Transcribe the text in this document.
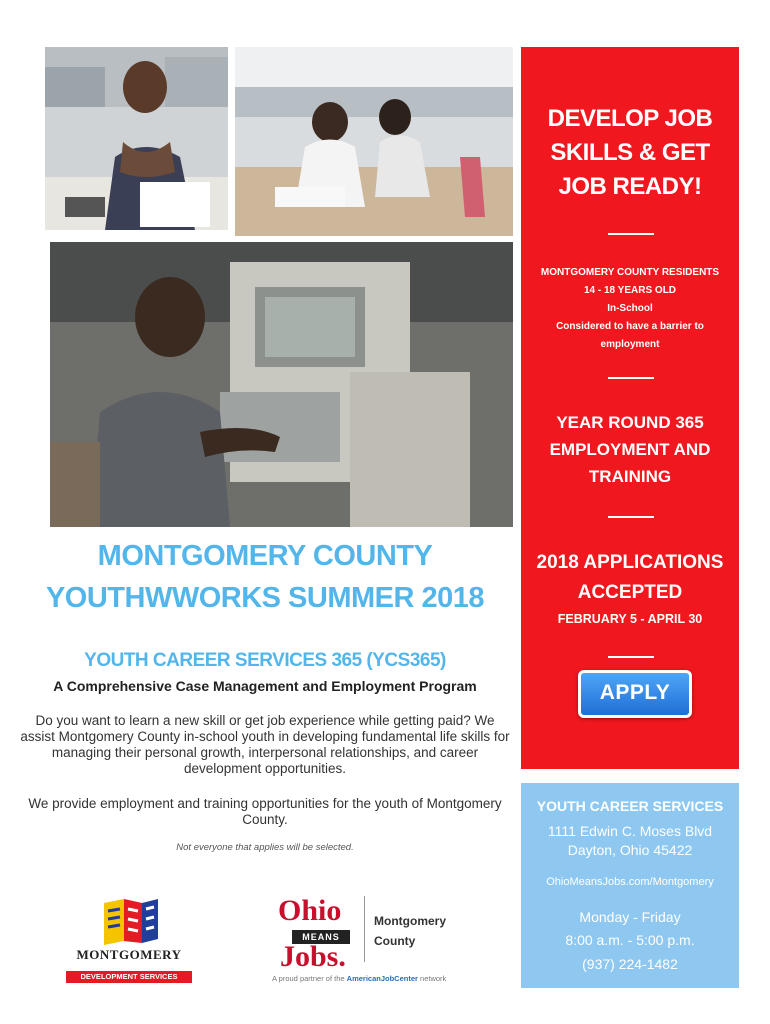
MONTGOMERY COUNTY
YOUTHWWORKS SUMMER 2018
YOUTH CAREER SERVICES 365 (YCS365)
A Comprehensive Case Management and Employment Program
Do you want to learn a new skill or get job experience while getting paid? We assist Montgomery County in-school youth in developing fundamental life skills for managing their personal growth, interpersonal relationships, and career development opportunities.
We provide employment and training opportunities for the youth of Montgomery County.
Not everyone that applies will be selected.
DEVELOP JOB
SKILLS & GET
JOB READY!
MONTGOMERY COUNTY RESIDENTS
14 - 18 YEARS OLD
In-School
Considered to have a barrier to
employment
YEAR ROUND 365
EMPLOYMENT AND
TRAINING
2018 APPLICATIONS
ACCEPTED
FEBRUARY 5 - APRIL 30
APPLY
YOUTH CAREER SERVICES
1111 Edwin C. Moses Blvd
Dayton, Ohio 45422
OhioMeansJobs.com/Montgomery
Monday - Friday
8:00 a.m. - 5:00 p.m.
(937) 224-1482
MONTGOMERY
DEVELOPMENT SERVICES
Ohio
MEANS
Jobs.
Montgomery
County
A proud partner of the AmericanJobCenter network
